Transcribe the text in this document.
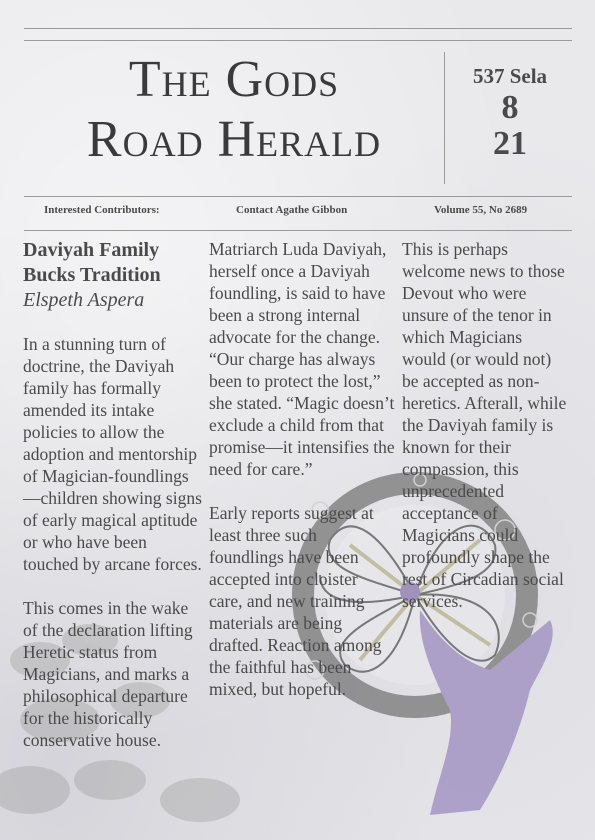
The Gods
Road Herald
537 Sela
8
21
Interested Contributors:	Contact Agathe Gibbon	Volume 55, No 2689
Daviyah Family Bucks Tradition
Elspeth Aspera

In a stunning turn of doctrine, the Daviyah family has formally amended its intake policies to allow the adoption and mentorship of Magician-foundlings—children showing signs of early magical aptitude or who have been touched by arcane forces.

This comes in the wake of the declaration lifting Heretic status from Magicians, and marks a philosophical departure for the historically conservative house.

Matriarch Luda Daviyah, herself once a Daviyah foundling, is said to have been a strong internal advocate for the change. “Our charge has always been to protect the lost,” she stated. “Magic doesn’t exclude a child from that promise—it intensifies the need for care.”

Early reports suggest at least three such foundlings have been accepted into cloister care, and new training materials are being drafted. Reaction among the faithful has been mixed, but hopeful.

This is perhaps welcome news to those Devout who were unsure of the tenor in which Magicians would (or would not) be accepted as non-heretics. Afterall, while the Daviyah family is known for their compassion, this unprecedented acceptance of Magicians could profoundly shape the rest of Circadian social services.
